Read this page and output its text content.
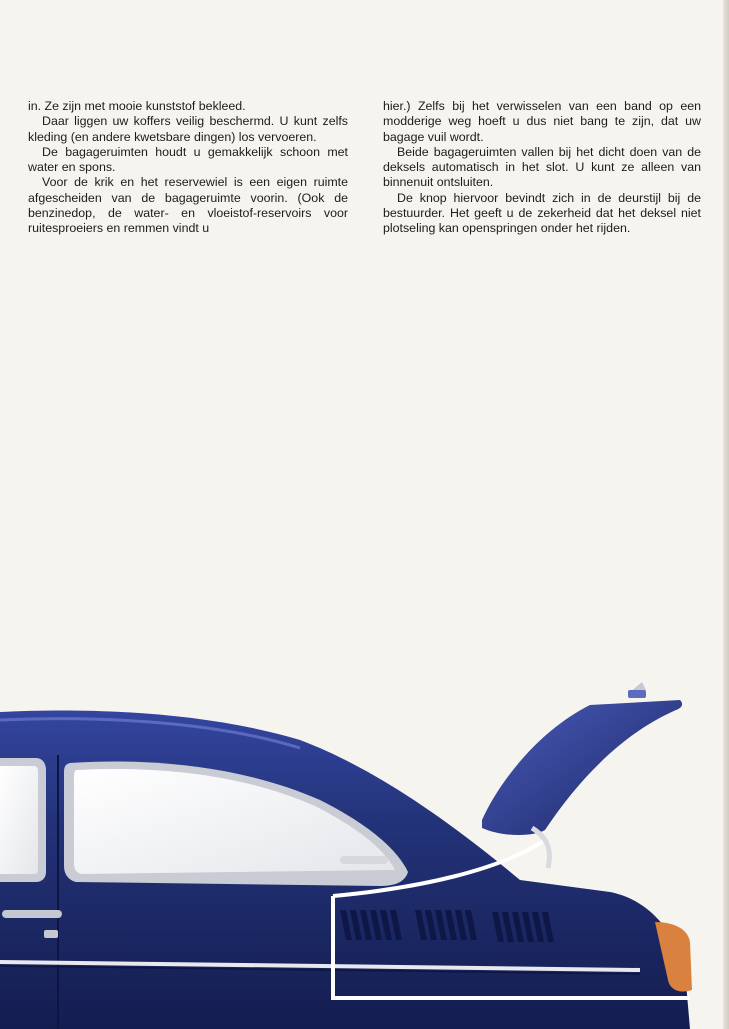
in. Ze zijn met mooie kunststof bekleed.

Daar liggen uw koffers veilig beschermd. U kunt zelfs kleding (en andere kwetsbare dingen) los vervoeren.

De bagageruimten houdt u gemakkelijk schoon met water en spons.

Voor de krik en het reservewiel is een eigen ruimte afgescheiden van de bagageruimte voorin. (Ook de benzinedop, de water- en vloeistof-reservoirs voor ruitesproeiers en remmen vindt u

hier.) Zelfs bij het verwisselen van een band op een modderige weg hoeft u dus niet bang te zijn, dat uw bagage vuil wordt.

Beide bagageruimten vallen bij het dicht doen van de deksels automatisch in het slot. U kunt ze alleen van binnenuit ontsluiten.

De knop hiervoor bevindt zich in de deurstijl bij de bestuurder. Het geeft u de zekerheid dat het deksel niet plotseling kan openspringen onder het rijden.
